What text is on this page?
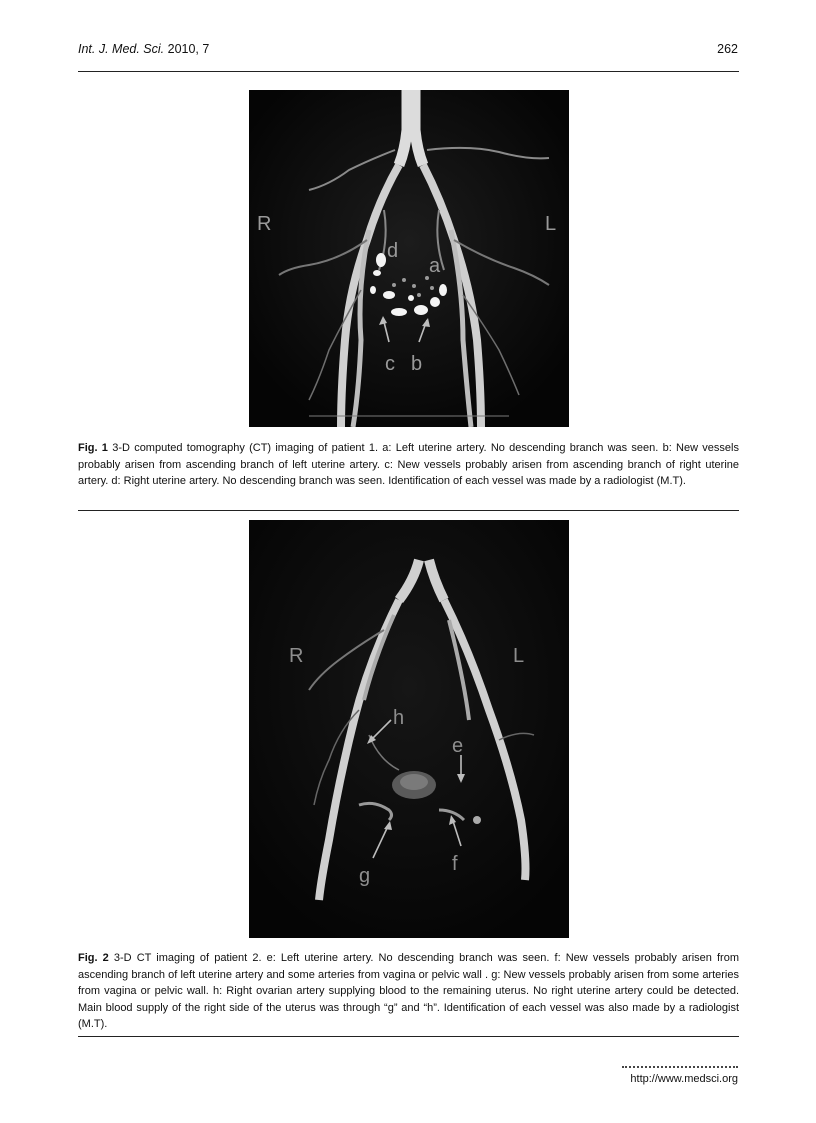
Int. J. Med. Sci. 2010, 7	262
R	L
a
b
c
d
Fig. 1 3-D computed tomography (CT) imaging of patient 1. a: Left uterine artery. No descending branch was seen. b: New vessels probably arisen from ascending branch of left uterine artery. c: New vessels probably arisen from ascending branch of right uterine artery. d: Right uterine artery. No descending branch was seen. Identification of each vessel was made by a radiologist (M.T).
R	L
h
e
f
g
Fig. 2 3-D CT imaging of patient 2. e: Left uterine artery. No descending branch was seen. f: New vessels probably arisen from ascending branch of left uterine artery and some arteries from vagina or pelvic wall . g: New vessels probably arisen from some arteries from vagina or pelvic wall. h: Right ovarian artery supplying blood to the remaining uterus. No right uterine artery could be detected. Main blood supply of the right side of the uterus was through “g” and “h”. Identification of each vessel was also made by a radiologist (M.T).
http://www.medsci.org
